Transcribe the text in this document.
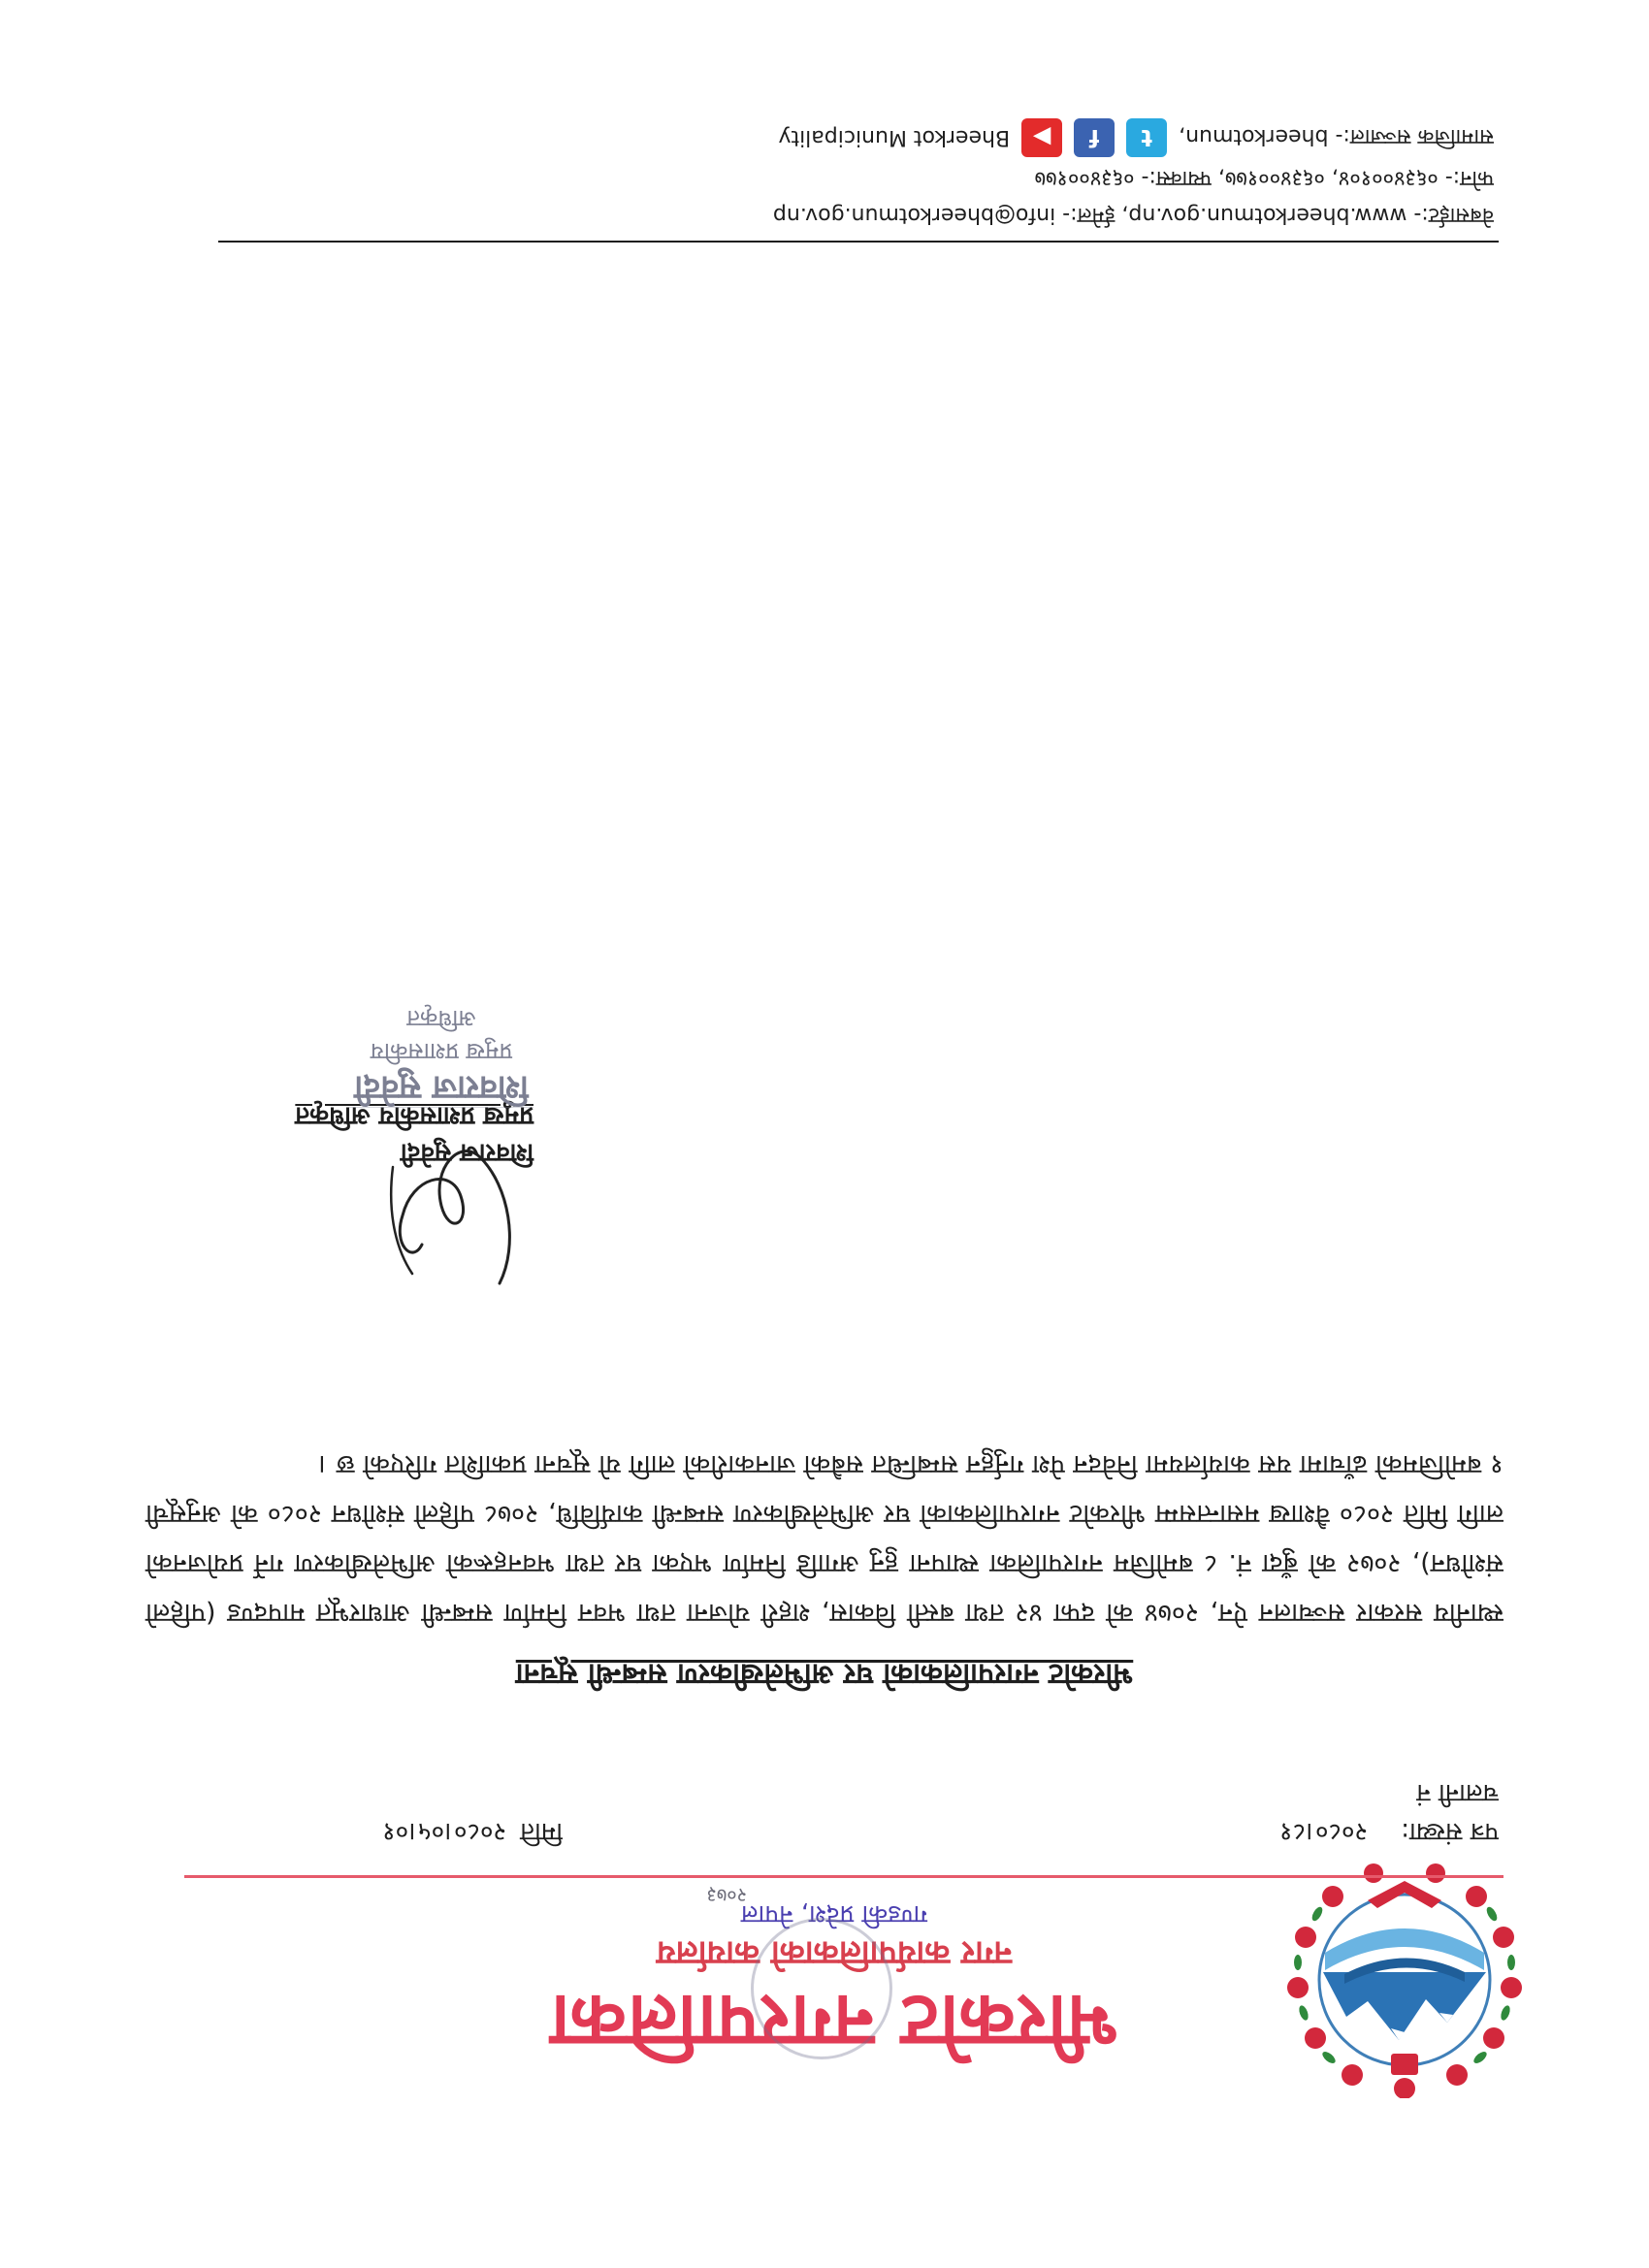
भीरकोट नगरपालिका
नगर कार्यपालिकाको कार्यालय
गण्डकी प्रदेश, नेपाल
२०७३
पत्र संख्या:
२०८०।८१
मिति
२०८०।०५।०१
चलानी नं
भीरकोट नगरपालिकाको घर अभिलेखीकरण सम्बन्धी सूचना
स्थानीय सरकार सञ्चालन ऐन, २०७४ को दफा ४२ तथा बस्ती विकास, शहरी योजना तथा भवन निर्माण सम्बन्धी आधारभूत मापदण्ड (पहिलो संशोधन), २०७२ को बुँदा नं. ८ बमोजिम नगरपालिका स्थापना हुनु अगाडि निर्माण भएका घर तथा भवनहरूको अभिलेखीकरण गर्ने प्रयोजनको लागि मिति २०८० वैशाख मसान्तसम्म भीरकोट नगरपालिकाको घर अभिलेखीकरण सम्बन्धी कार्यविधि, २०७८ पहिलो संशोधन २०८० को अनुसूची १ बमोजिमको ढाँचामा यस कार्यालयमा निवेदन पेश गर्नुहुन सम्बन्धित सबैको जानकारीको लागि यो सूचना प्रकाशित गरिएको छ ।
शिवराज सुवेदी
प्रमुख प्रशासकीय अधिकृत
शिवराज सुवेदी
प्रमुख प्रशासकीय अधिकृत
वेबसाईट:- www.bheerkotmun.gov.np, ईमेल:- info@bheerkotmun.gov.np
फोन:- ०६३४००१०४, ०६३४००१७७, फ्याक्स:- ०६३४००१७७
सामाजिक सञ्जाल:- bheerkotmun,
t
f
▶
Bheerkot Municipality
